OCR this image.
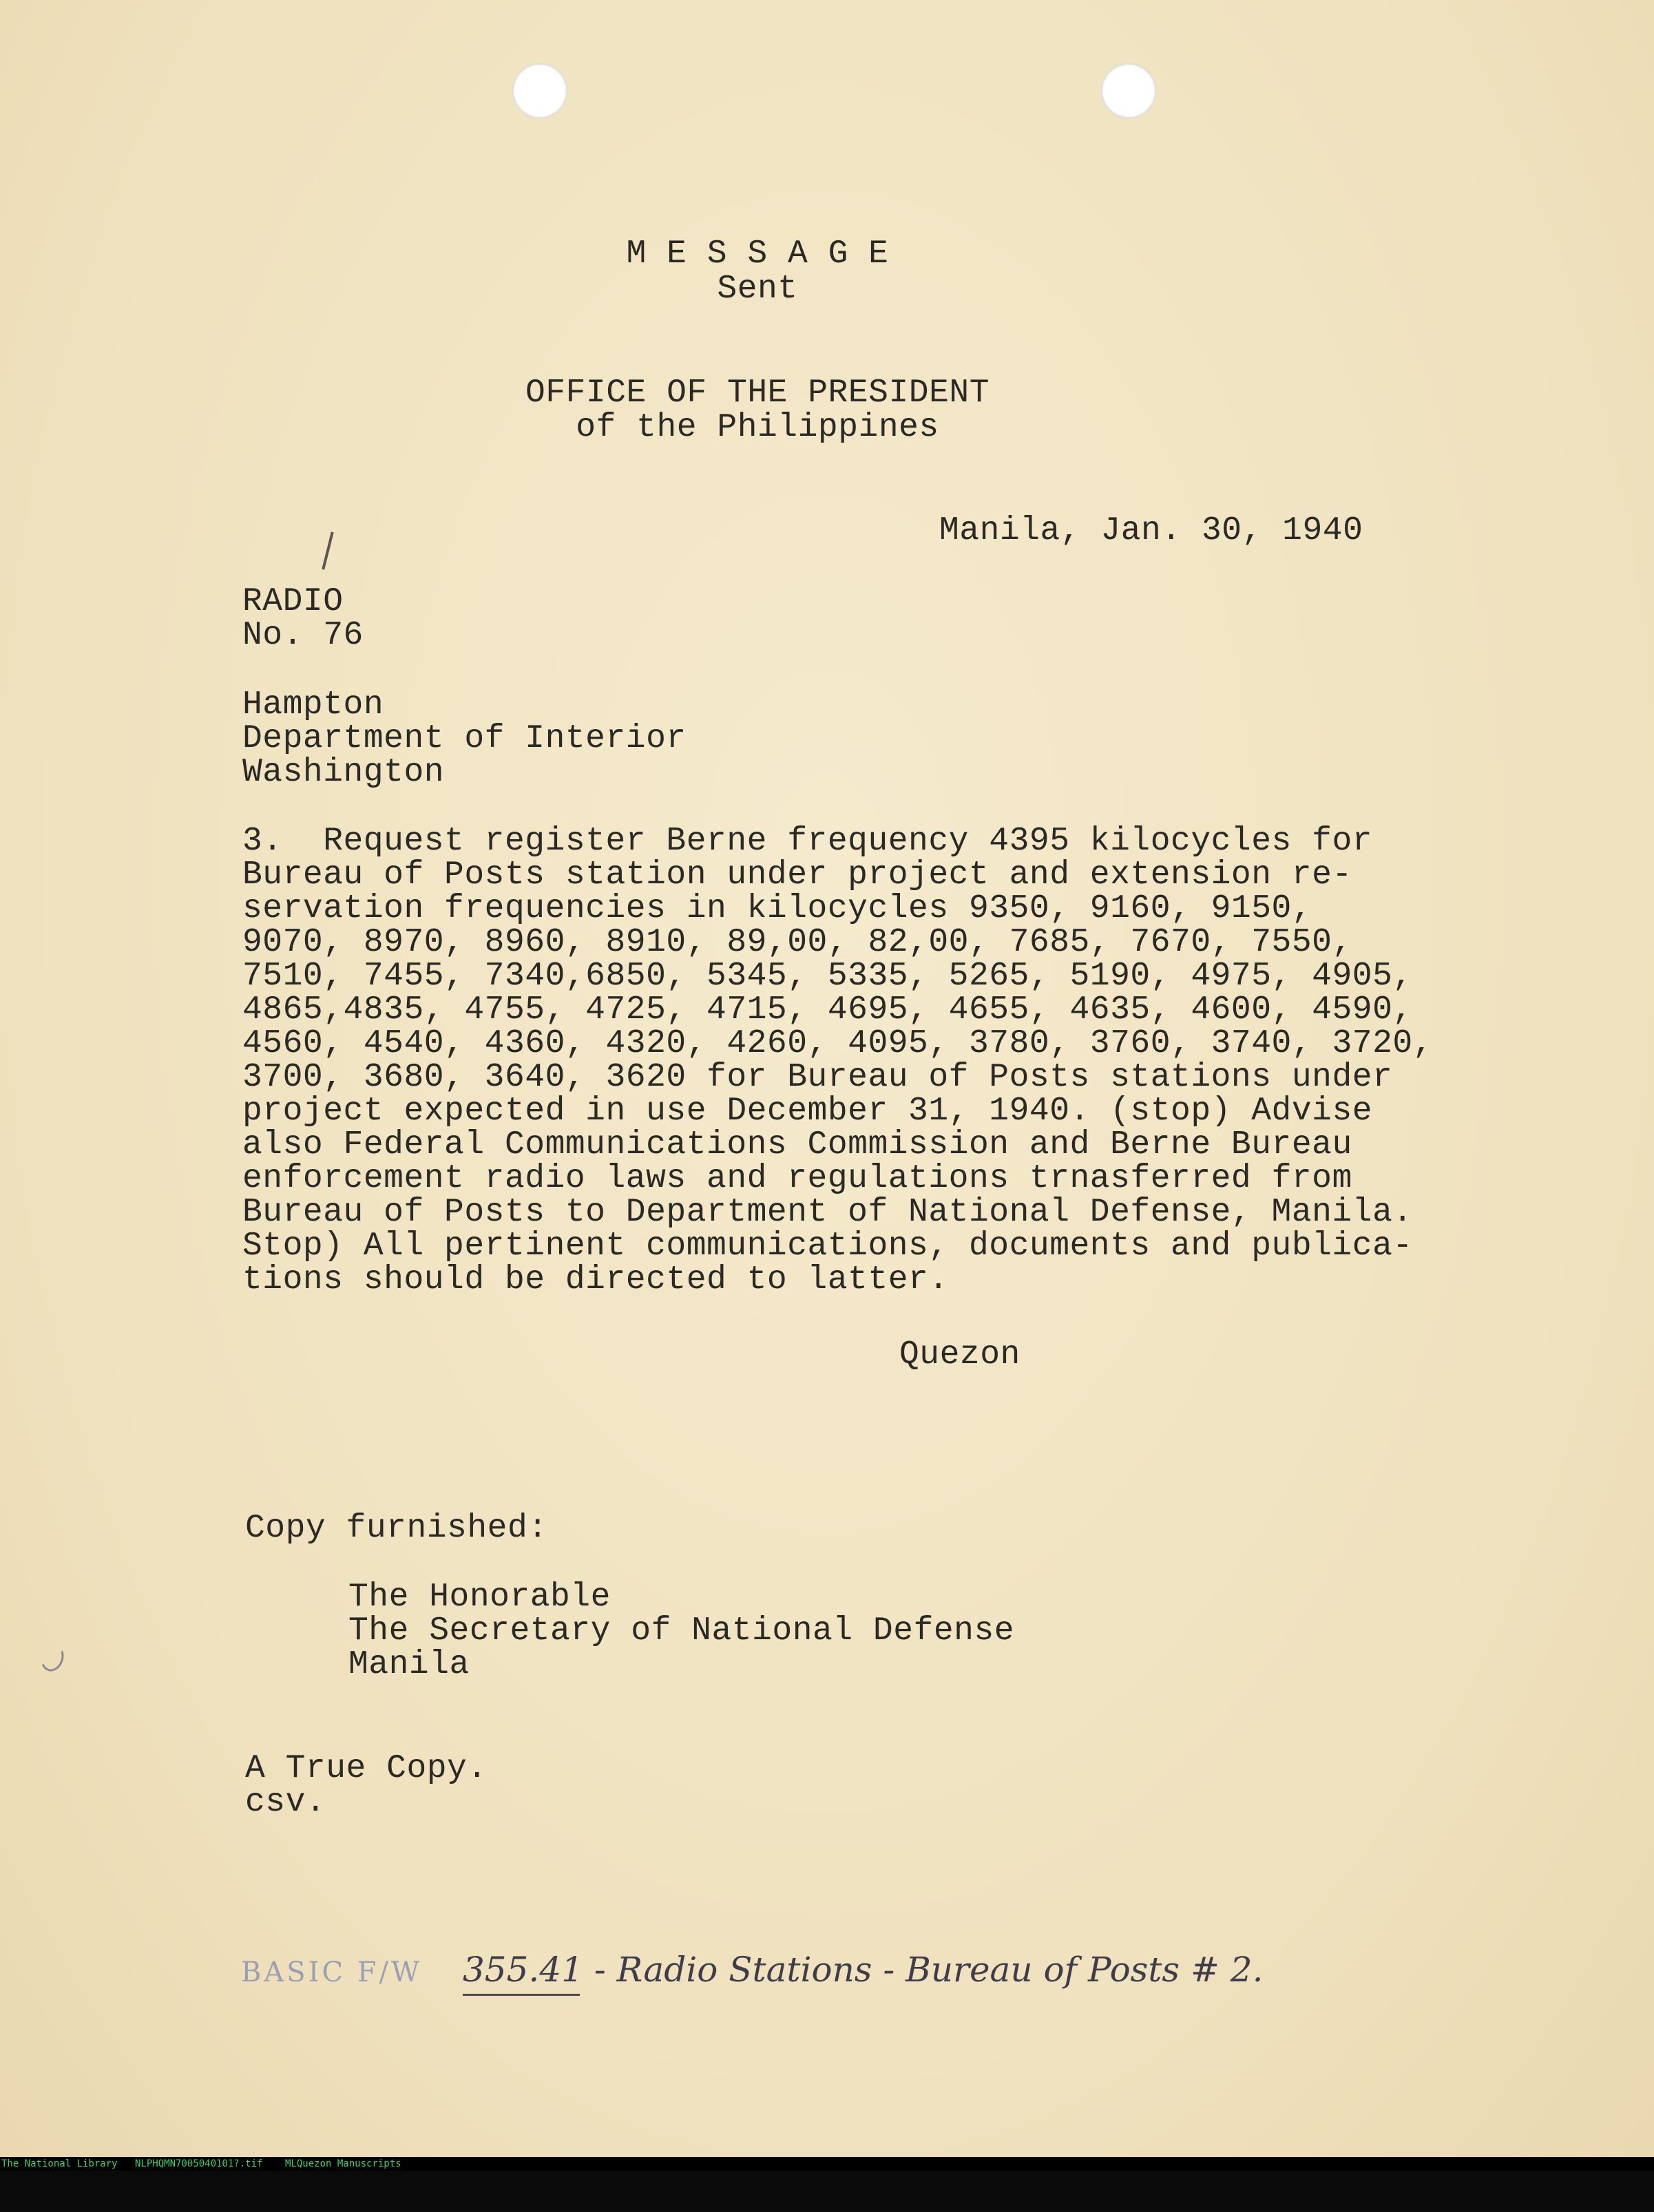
M E S S A G E
Sent
OFFICE OF THE PRESIDENT
of the Philippines
Manila, Jan. 30, 1940
RADIO
No. 76
Hampton
Department of Interior
Washington
3.  Request register Berne frequency 4395 kilocycles for
Bureau of Posts station under project and extension re-
servation frequencies in kilocycles 9350, 9160, 9150,
9070, 8970, 8960, 8910, 89,00, 82,00, 7685, 7670, 7550,
7510, 7455, 7340,6850, 5345, 5335, 5265, 5190, 4975, 4905,
4865,4835, 4755, 4725, 4715, 4695, 4655, 4635, 4600, 4590,
4560, 4540, 4360, 4320, 4260, 4095, 3780, 3760, 3740, 3720,
3700, 3680, 3640, 3620 for Bureau of Posts stations under
project expected in use December 31, 1940. (stop) Advise
also Federal Communications Commission and Berne Bureau
enforcement radio laws and regulations trnasferred from
Bureau of Posts to Department of National Defense, Manila.
Stop) All pertinent communications, documents and publica-
tions should be directed to latter.
Quezon
Copy furnished:
The Honorable
The Secretary of National Defense
Manila
A True Copy.
csv.
BASIC F/W 355.41 - Radio Stations - Bureau of Posts # 2.

The National Library

NLPHQMN7005040101?.tif

MLQuezon Manuscripts
